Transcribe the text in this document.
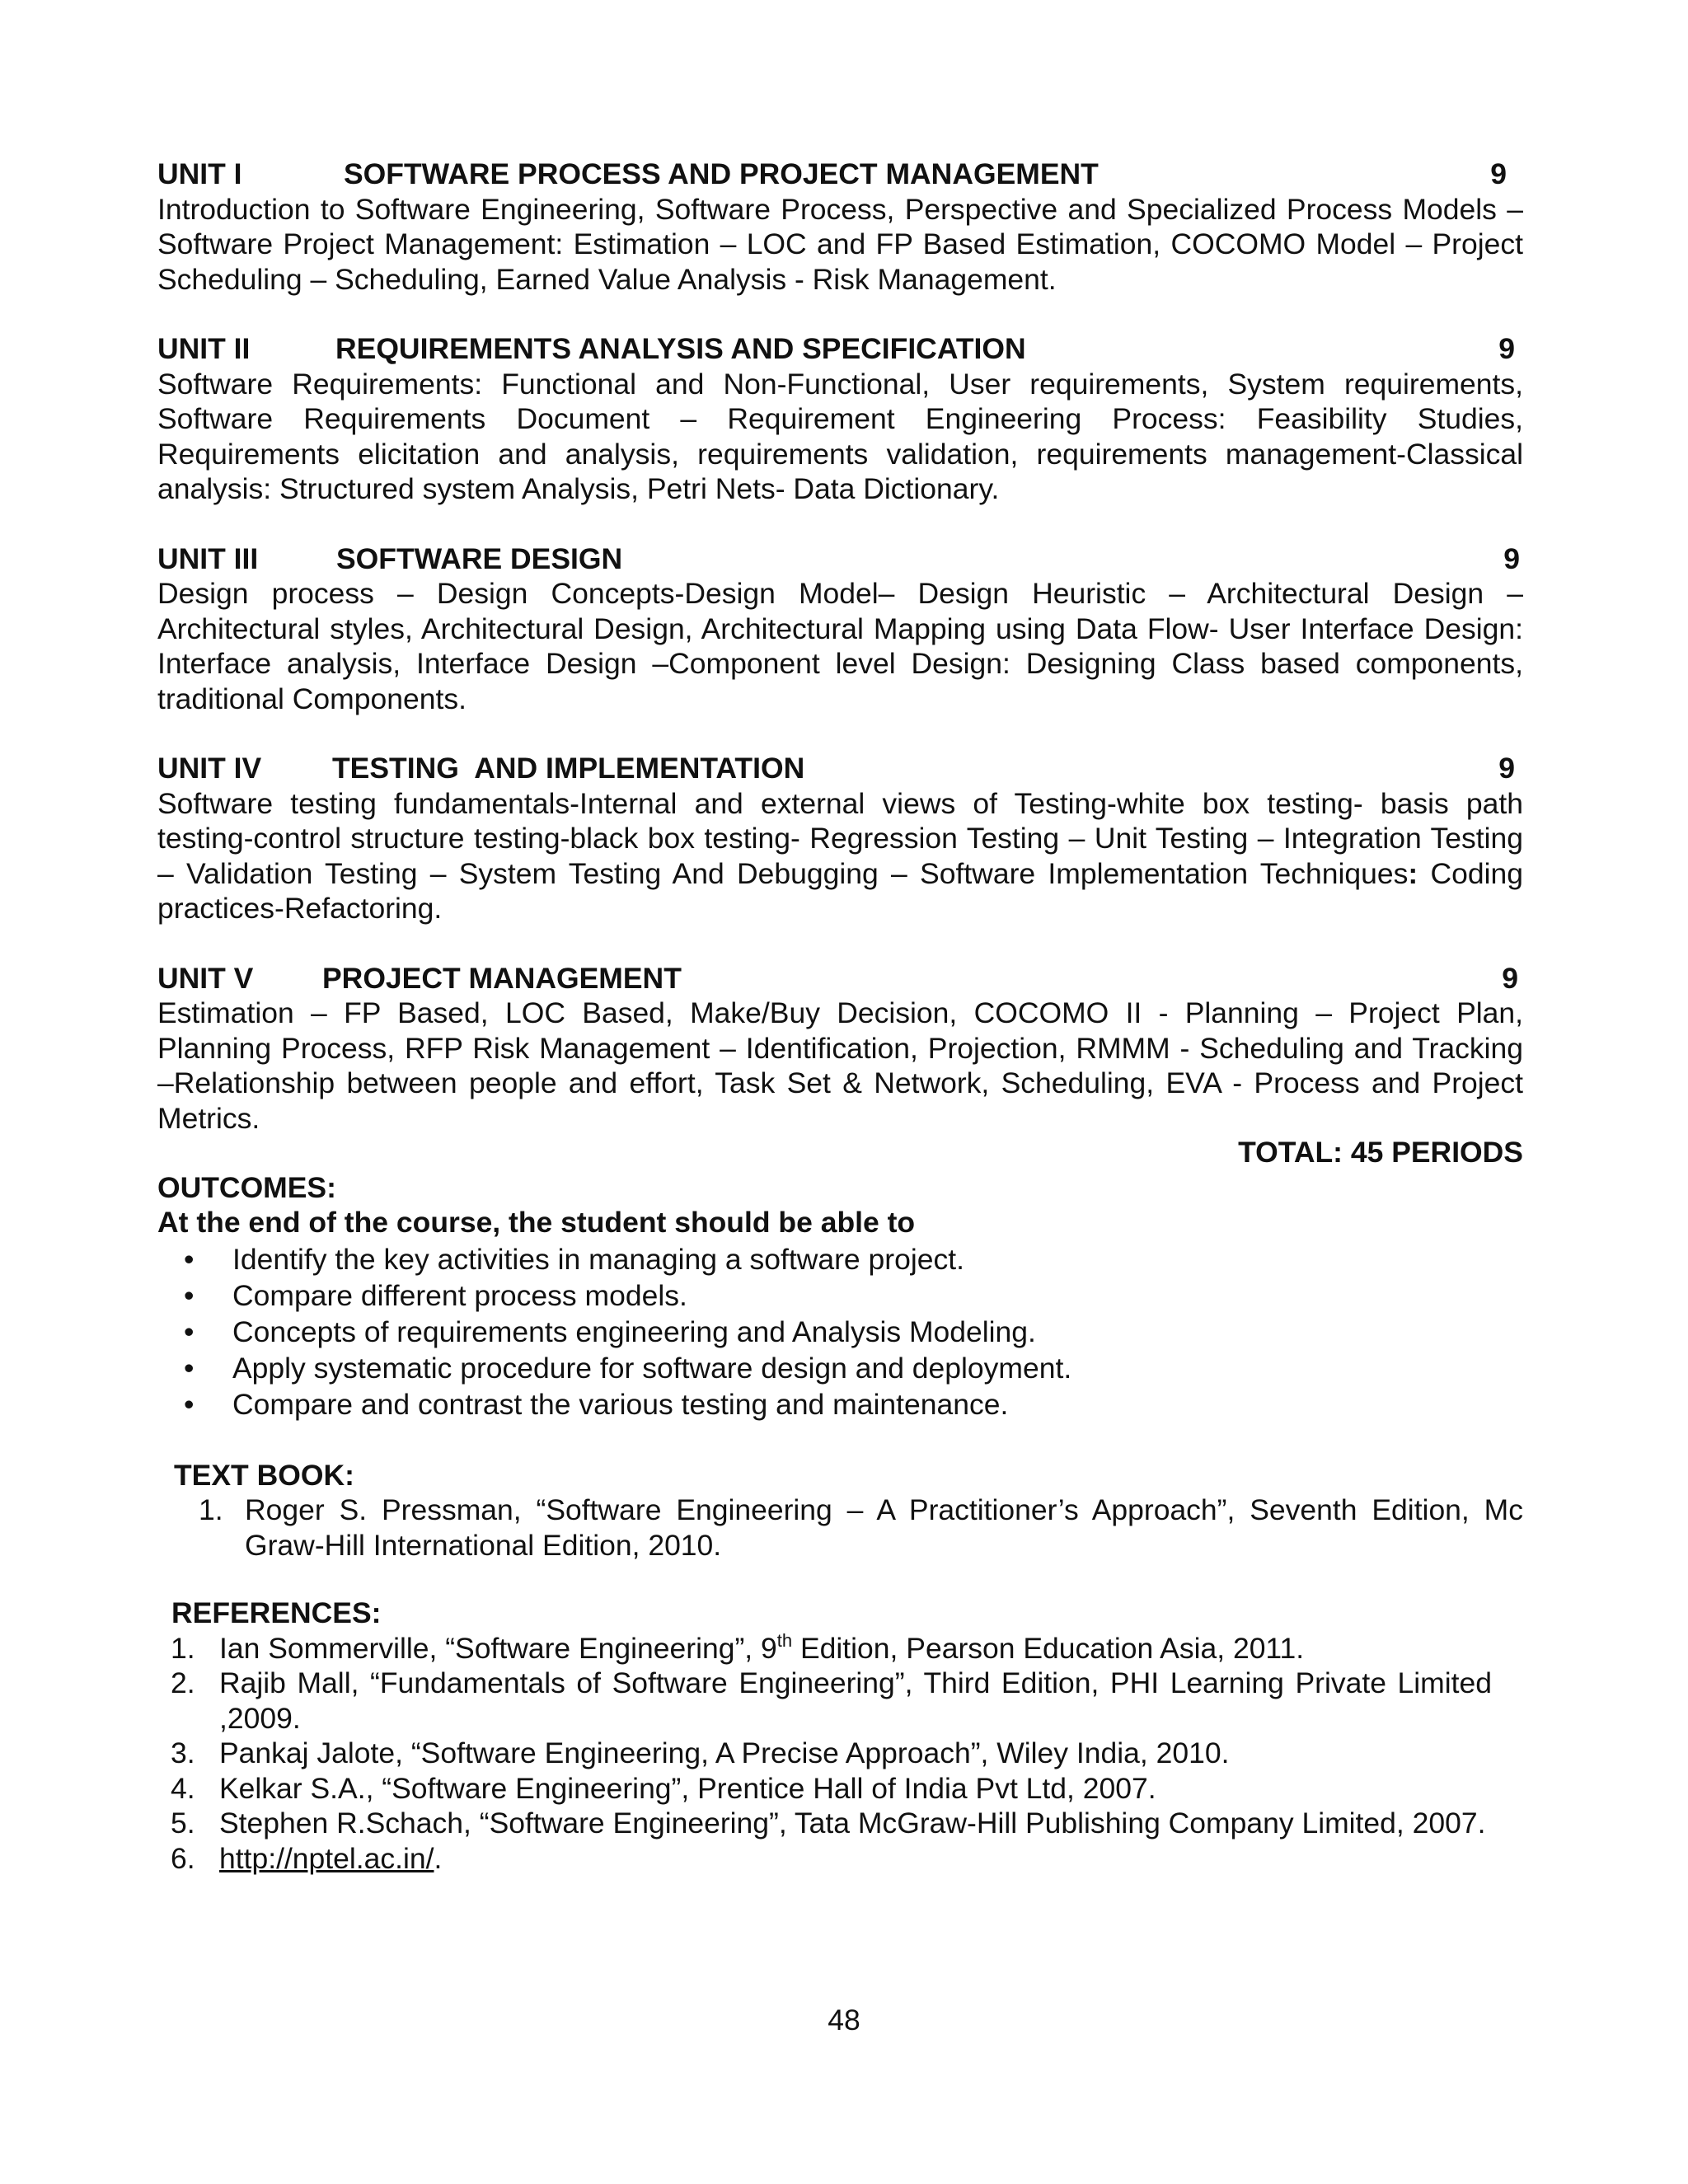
UNIT I	SOFTWARE PROCESS AND PROJECT MANAGEMENT	9
Introduction to Software Engineering, Software Process, Perspective and Specialized Process Models – Software Project Management: Estimation – LOC and FP Based Estimation, COCOMO Model – Project Scheduling – Scheduling, Earned Value Analysis - Risk Management.
UNIT II	REQUIREMENTS ANALYSIS AND SPECIFICATION	9
Software Requirements: Functional and Non-Functional, User requirements, System requirements, Software Requirements Document – Requirement Engineering Process: Feasibility Studies, Requirements elicitation and analysis, requirements validation, requirements management-Classical analysis: Structured system Analysis, Petri Nets- Data Dictionary.
UNIT III	SOFTWARE DESIGN	9
Design process – Design Concepts-Design Model– Design Heuristic – Architectural Design – Architectural styles, Architectural Design, Architectural Mapping using Data Flow- User Interface Design: Interface analysis, Interface Design –Component level Design: Designing Class based components, traditional Components.
UNIT IV	TESTING  AND IMPLEMENTATION	9
Software testing fundamentals-Internal and external views of Testing-white box testing- basis path testing-control structure testing-black box testing- Regression Testing – Unit Testing – Integration Testing – Validation Testing – System Testing And Debugging – Software Implementation Techniques: Coding practices-Refactoring.
UNIT V	PROJECT MANAGEMENT	9
Estimation – FP Based, LOC Based, Make/Buy Decision, COCOMO II - Planning – Project Plan, Planning Process, RFP Risk Management – Identification, Projection, RMMM - Scheduling and Tracking –Relationship between people and effort, Task Set & Network, Scheduling, EVA - Process and Project Metrics.
TOTAL: 45 PERIODS
OUTCOMES:
At the end of the course, the student should be able to
• Identify the key activities in managing a software project.
• Compare different process models.
• Concepts of requirements engineering and Analysis Modeling.
• Apply systematic procedure for software design and deployment.
• Compare and contrast the various testing and maintenance.
TEXT BOOK:
1. Roger S. Pressman, “Software Engineering – A Practitioner’s Approach”, Seventh Edition, Mc Graw-Hill International Edition, 2010.
REFERENCES:
1. Ian Sommerville, “Software Engineering”, 9th Edition, Pearson Education Asia, 2011.
2. Rajib Mall, “Fundamentals of Software Engineering”, Third Edition, PHI Learning Private Limited ,2009.
3. Pankaj Jalote, “Software Engineering, A Precise Approach”, Wiley India, 2010.
4. Kelkar S.A., “Software Engineering”, Prentice Hall of India Pvt Ltd, 2007.
5. Stephen R.Schach, “Software Engineering”, Tata McGraw-Hill Publishing Company Limited, 2007.
6. http://nptel.ac.in/.
48
